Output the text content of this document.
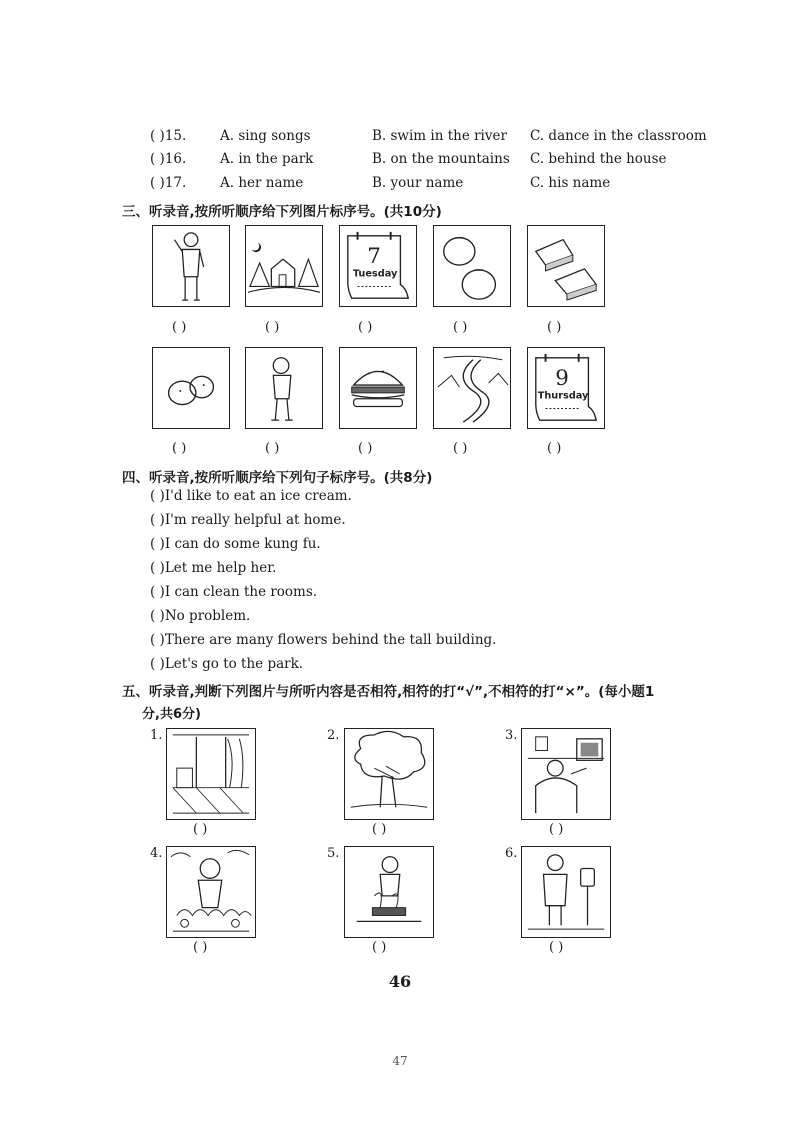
( )15. A. sing songs	B. swim in the river C. dance in the classroom
( )16. A. in the park	B. on the mountains C. behind the house
( )17. A. her name	B. your name	C. his name
三、听录音,按所听顺序给下列图片标序号。(共10分)
7
Tuesday
( )	( )	( )	( )	( )
9
Thursday
( )	( )	( )	( )	( )
四、听录音,按所听顺序给下列句子标序号。(共8分)
( )I'd like to eat an ice cream.
( )I'm really helpful at home.
( )I can do some kung fu.
( )Let me help her.
( )I can clean the rooms.
( )No problem.
( )There are many flowers behind the tall building.
( )Let's go to the park.
五、听录音,判断下列图片与所听内容是否相符,相符的打“√”,不相符的打“×”。(每小题1
分,共6分)
1.
( )
2.
( )
3.
( )
4.
( )
5.
( )
6.
( )
46
47
